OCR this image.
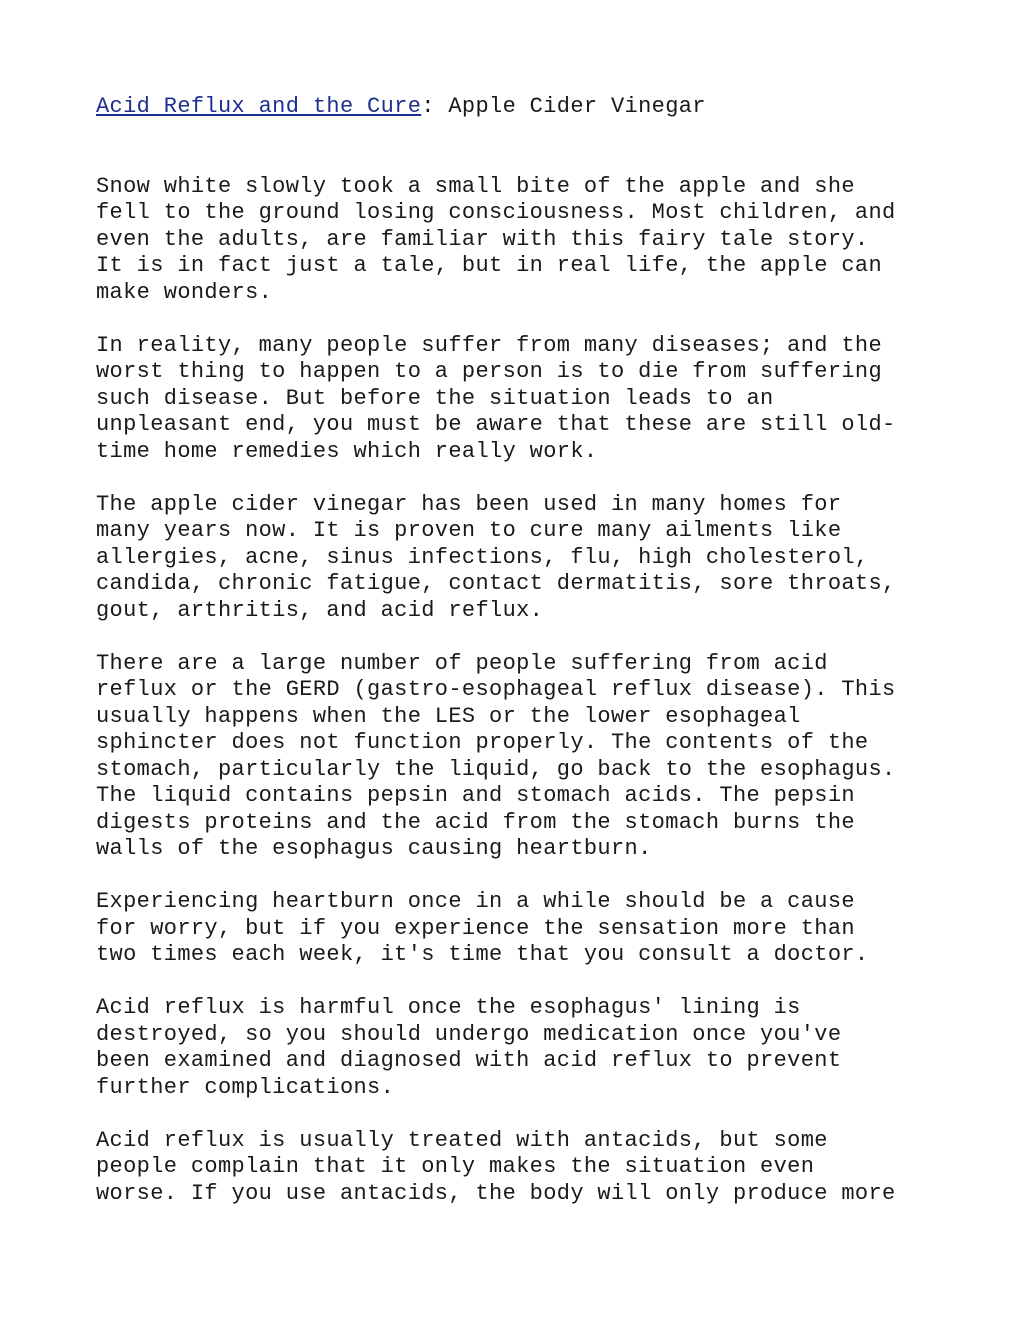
Acid Reflux and the Cure: Apple Cider Vinegar

Snow white slowly took a small bite of the apple and she
fell to the ground losing consciousness. Most children, and
even the adults, are familiar with this fairy tale story.
It is in fact just a tale, but in real life, the apple can
make wonders.

In reality, many people suffer from many diseases; and the
worst thing to happen to a person is to die from suffering
such disease. But before the situation leads to an
unpleasant end, you must be aware that these are still old-
time home remedies which really work.

The apple cider vinegar has been used in many homes for
many years now. It is proven to cure many ailments like
allergies, acne, sinus infections, flu, high cholesterol,
candida, chronic fatigue, contact dermatitis, sore throats,
gout, arthritis, and acid reflux.

There are a large number of people suffering from acid
reflux or the GERD (gastro-esophageal reflux disease). This
usually happens when the LES or the lower esophageal
sphincter does not function properly. The contents of the
stomach, particularly the liquid, go back to the esophagus.
The liquid contains pepsin and stomach acids. The pepsin
digests proteins and the acid from the stomach burns the
walls of the esophagus causing heartburn.

Experiencing heartburn once in a while should be a cause
for worry, but if you experience the sensation more than
two times each week, it's time that you consult a doctor.

Acid reflux is harmful once the esophagus' lining is
destroyed, so you should undergo medication once you've
been examined and diagnosed with acid reflux to prevent
further complications.

Acid reflux is usually treated with antacids, but some
people complain that it only makes the situation even
worse. If you use antacids, the body will only produce more
